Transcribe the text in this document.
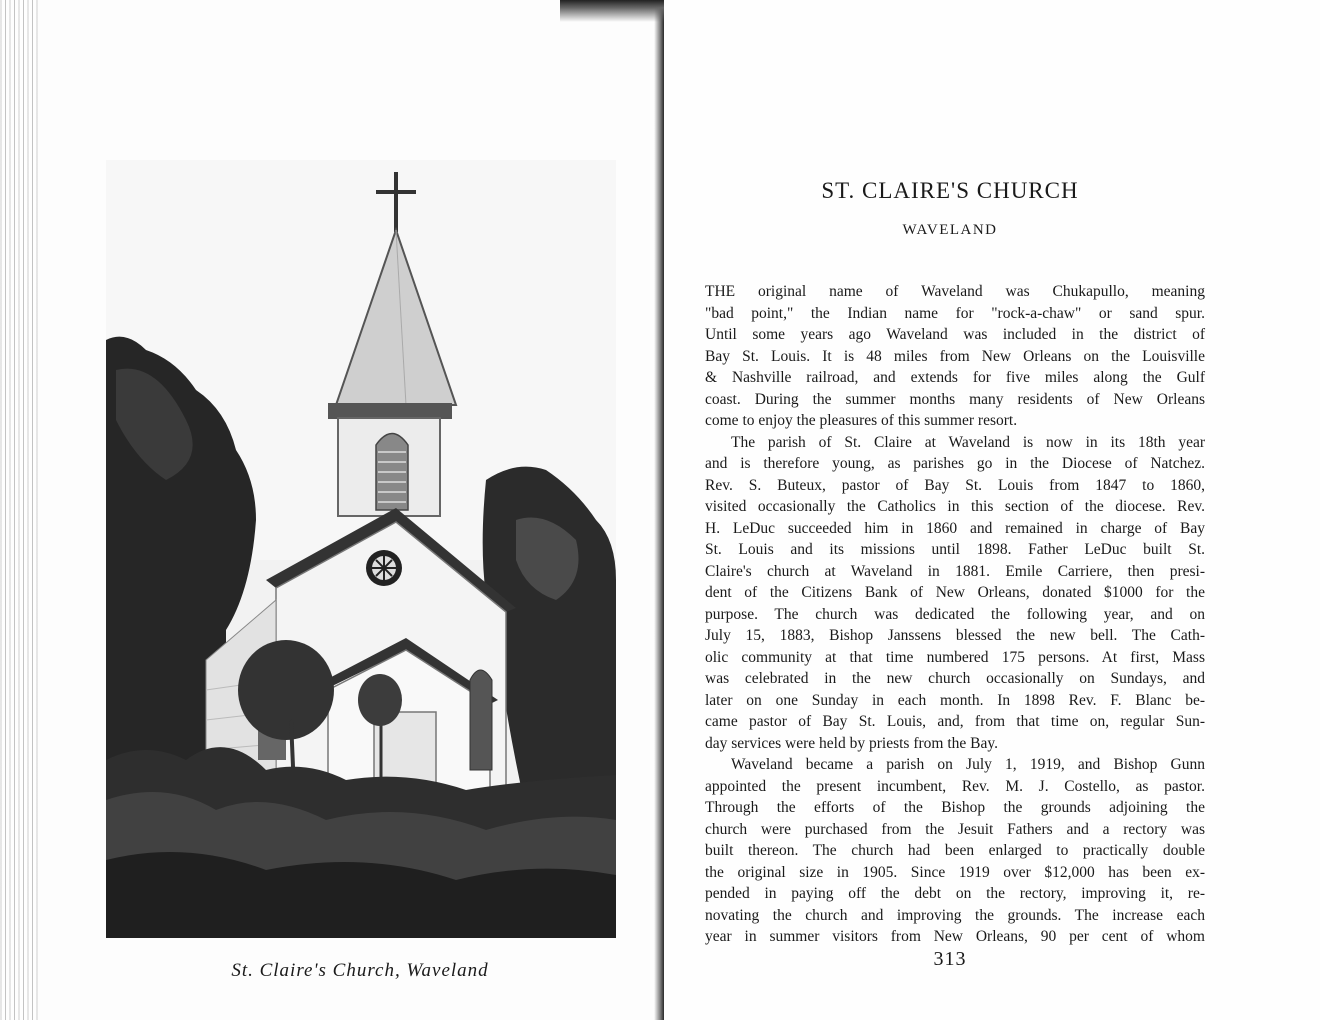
St. Claire's Church, Waveland
ST. CLAIRE'S CHURCH
WAVELAND
THE original name of Waveland was Chukapullo, meaning
"bad point," the Indian name for "rock-a-chaw" or sand spur.
Until some years ago Waveland was included in the district of
Bay St. Louis. It is 48 miles from New Orleans on the Louisville
& Nashville railroad, and extends for five miles along the Gulf
coast. During the summer months many residents of New Orleans
come to enjoy the pleasures of this summer resort.
The parish of St. Claire at Waveland is now in its 18th year
and is therefore young, as parishes go in the Diocese of Natchez.
Rev. S. Buteux, pastor of Bay St. Louis from 1847 to 1860,
visited occasionally the Catholics in this section of the diocese. Rev.
H. LeDuc succeeded him in 1860 and remained in charge of Bay
St. Louis and its missions until 1898. Father LeDuc built St.
Claire's church at Waveland in 1881. Emile Carriere, then presi-
dent of the Citizens Bank of New Orleans, donated $1000 for the
purpose. The church was dedicated the following year, and on
July 15, 1883, Bishop Janssens blessed the new bell. The Cath-
olic community at that time numbered 175 persons. At first, Mass
was celebrated in the new church occasionally on Sundays, and
later on one Sunday in each month. In 1898 Rev. F. Blanc be-
came pastor of Bay St. Louis, and, from that time on, regular Sun-
day services were held by priests from the Bay.
Waveland became a parish on July 1, 1919, and Bishop Gunn
appointed the present incumbent, Rev. M. J. Costello, as pastor.
Through the efforts of the Bishop the grounds adjoining the
church were purchased from the Jesuit Fathers and a rectory was
built thereon. The church had been enlarged to practically double
the original size in 1905. Since 1919 over $12,000 has been ex-
pended in paying off the debt on the rectory, improving it, re-
novating the church and improving the grounds. The increase each
year in summer visitors from New Orleans, 90 per cent of whom
313
